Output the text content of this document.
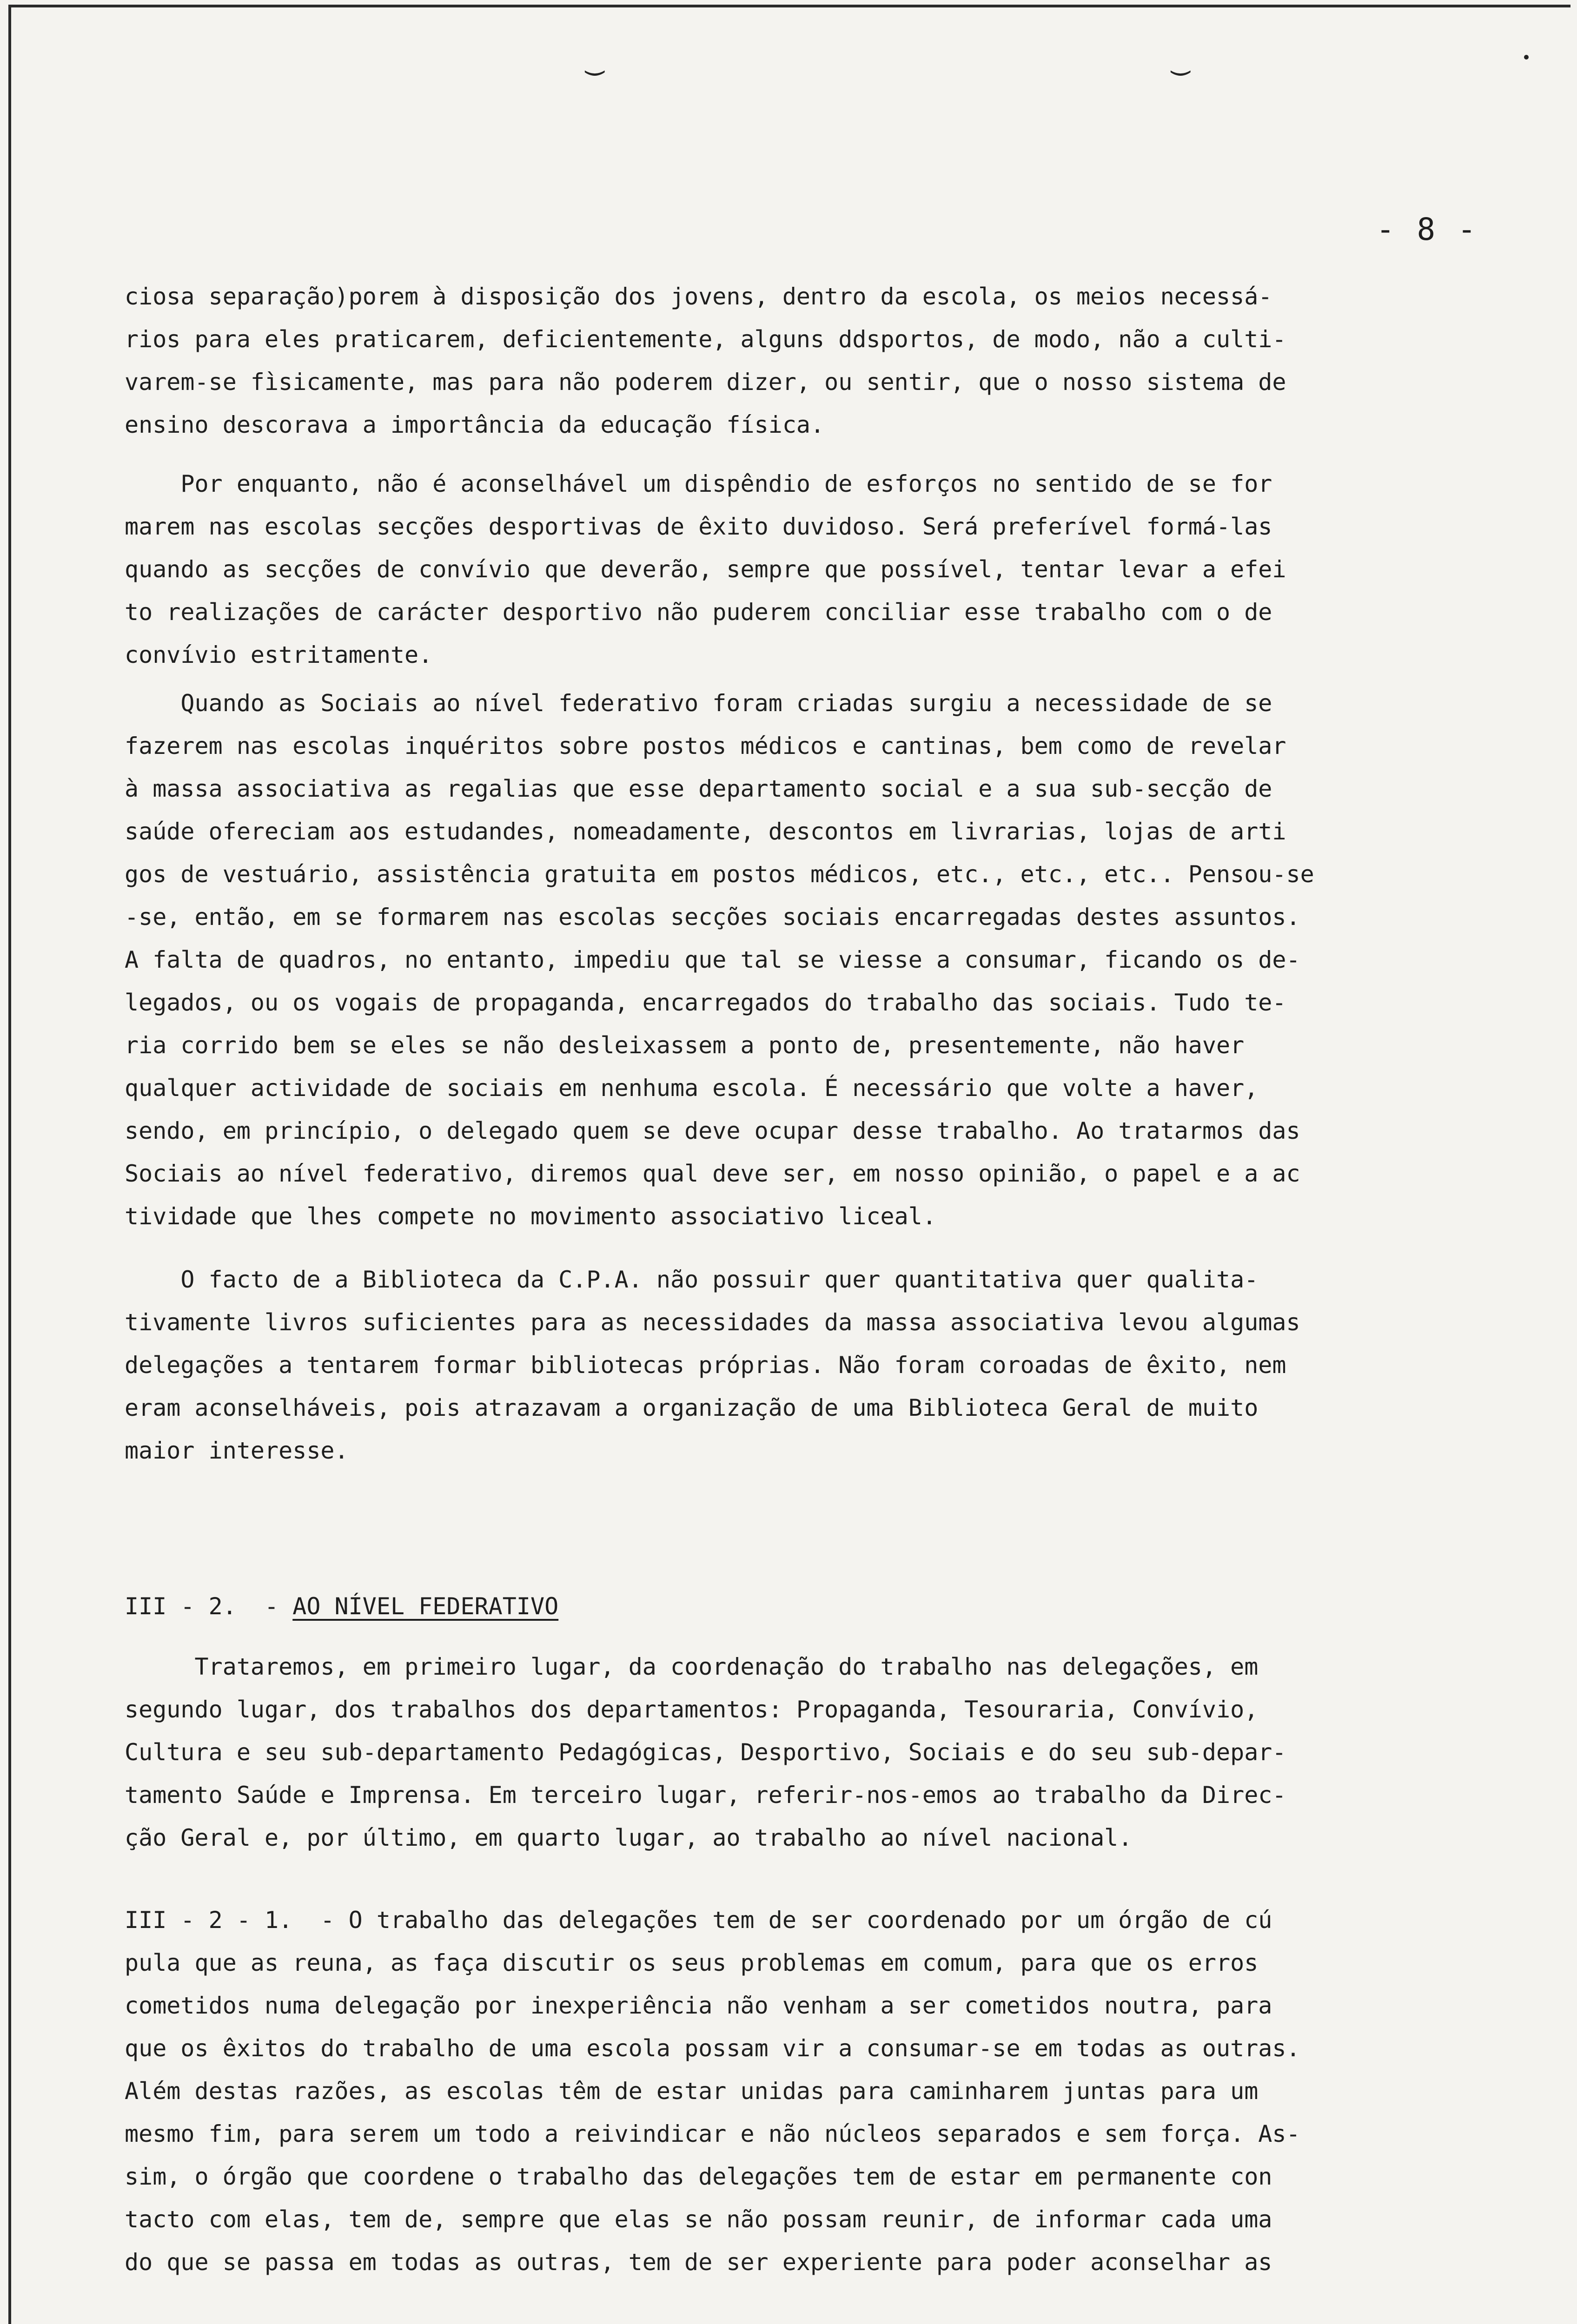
‿	‿
- 8 -
ciosa separação)porem à disposição dos jovens, dentro da escola, os meios necessá-
rios para eles praticarem, deficientemente, alguns ddsportos, de modo, não a culti-
varem-se fìsicamente, mas para não poderem dizer, ou sentir, que o nosso sistema de
ensino descorava a importância da educação física.
Por enquanto, não é aconselhável um dispêndio de esforços no sentido de se for
marem nas escolas secções desportivas de êxito duvidoso. Será preferível formá-las
quando as secções de convívio que deverão, sempre que possível, tentar levar a efei
to realizações de carácter desportivo não puderem conciliar esse trabalho com o de
convívio estritamente.
Quando as Sociais ao nível federativo foram criadas surgiu a necessidade de se
fazerem nas escolas inquéritos sobre postos médicos e cantinas, bem como de revelar
à massa associativa as regalias que esse departamento social e a sua sub-secção de
saúde ofereciam aos estudandes, nomeadamente, descontos em livrarias, lojas de arti
gos de vestuário, assistência gratuita em postos médicos, etc., etc., etc.. Pensou-se
-se, então, em se formarem nas escolas secções sociais encarregadas destes assuntos.
A falta de quadros, no entanto, impediu que tal se viesse a consumar, ficando os de-
legados, ou os vogais de propaganda, encarregados do trabalho das sociais. Tudo te-
ria corrido bem se eles se não desleixassem a ponto de, presentemente, não haver
qualquer actividade de sociais em nenhuma escola. É necessário que volte a haver,
sendo, em princípio, o delegado quem se deve ocupar desse trabalho. Ao tratarmos das
Sociais ao nível federativo, diremos qual deve ser, em nosso opinião, o papel e a ac
tividade que lhes compete no movimento associativo liceal.
O facto de a Biblioteca da C.P.A. não possuir quer quantitativa quer qualita-
tivamente livros suficientes para as necessidades da massa associativa levou algumas
delegações a tentarem formar bibliotecas próprias. Não foram coroadas de êxito, nem
eram aconselháveis, pois atrazavam a organização de uma Biblioteca Geral de muito
maior interesse.
III - 2.  - AO NÍVEL FEDERATIVO
Trataremos, em primeiro lugar, da coordenação do trabalho nas delegações, em
segundo lugar, dos trabalhos dos departamentos: Propaganda, Tesouraria, Convívio,
Cultura e seu sub-departamento Pedagógicas, Desportivo, Sociais e do seu sub-depar-
tamento Saúde e Imprensa. Em terceiro lugar, referir-nos-emos ao trabalho da Direc-
ção Geral e, por último, em quarto lugar, ao trabalho ao nível nacional.
III - 2 - 1.  - O trabalho das delegações tem de ser coordenado por um órgão de cú
pula que as reuna, as faça discutir os seus problemas em comum, para que os erros
cometidos numa delegação por inexperiência não venham a ser cometidos noutra, para
que os êxitos do trabalho de uma escola possam vir a consumar-se em todas as outras.
Além destas razões, as escolas têm de estar unidas para caminharem juntas para um
mesmo fim, para serem um todo a reivindicar e não núcleos separados e sem força. As-
sim, o órgão que coordene o trabalho das delegações tem de estar em permanente con
tacto com elas, tem de, sempre que elas se não possam reunir, de informar cada uma
do que se passa em todas as outras, tem de ser experiente para poder aconselhar as
